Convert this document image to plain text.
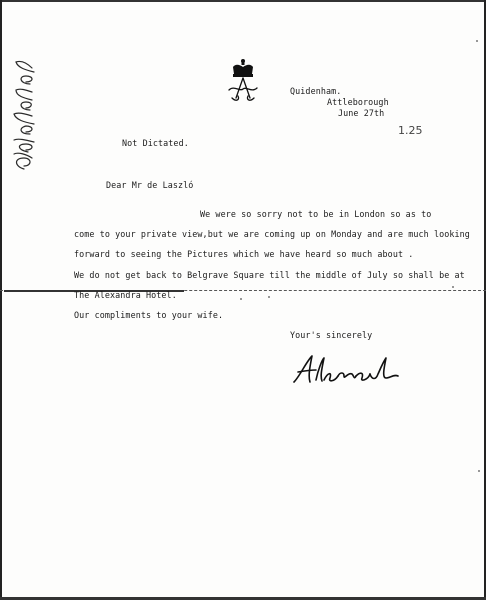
Quidenham.
Attleborough
June 27th
1.25
Not Dictated.
Dear Mr de Laszló
We were so sorry not to be in London so as to
come to your private view,but we are coming up on Monday and are much looking
forward to seeing the Pictures which we have heard so much about .
We do not get back to Belgrave Square till the middle of July so shall be at
The Alexandra Hotel.
Our compliments to your wife.
Your's sincerely
